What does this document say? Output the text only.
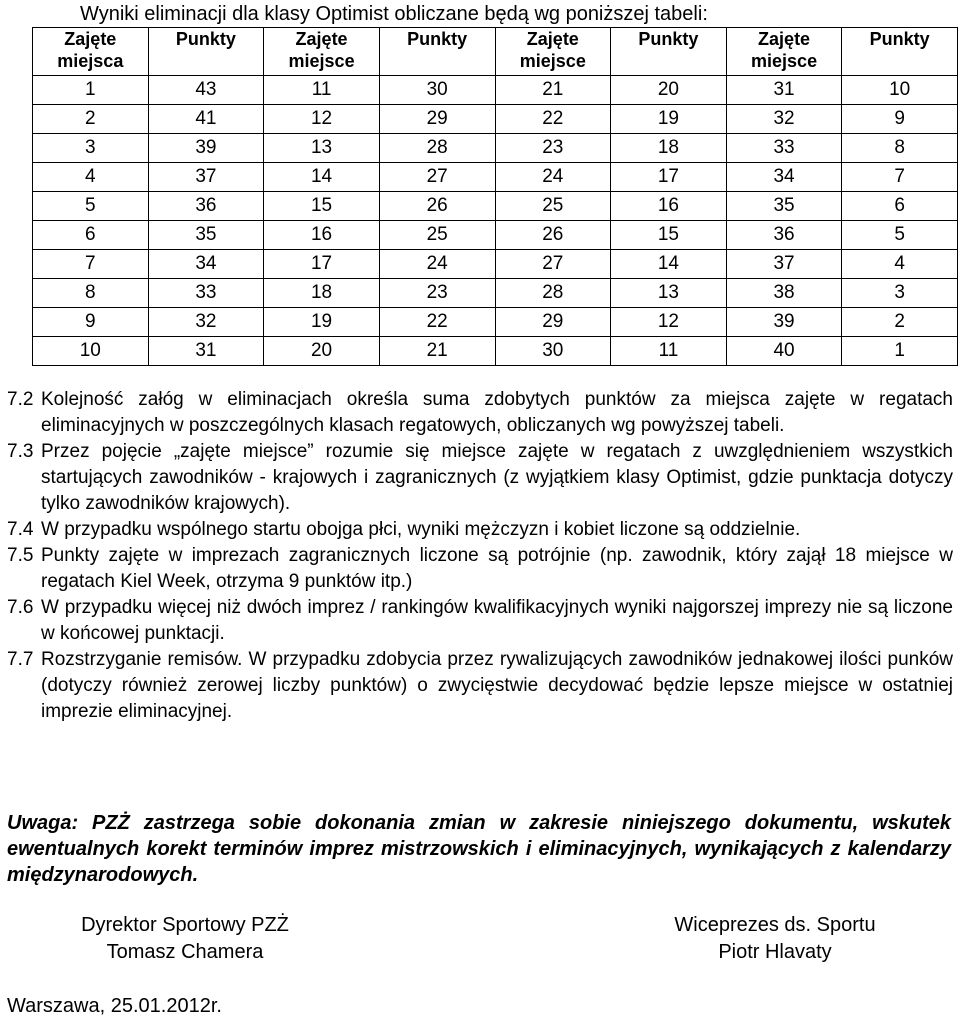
Wyniki eliminacji dla klasy Optimist obliczane będą wg poniższej tabeli:
Zajęte miejsca	Punkty	Zajęte miejsce	Punkty	Zajęte miejsce	Punkty	Zajęte miejsce	Punkty
1	43	11	30	21	20	31	10
2	41	12	29	22	19	32	9
3	39	13	28	23	18	33	8
4	37	14	27	24	17	34	7
5	36	15	26	25	16	35	6
6	35	16	25	26	15	36	5
7	34	17	24	27	14	37	4
8	33	18	23	28	13	38	3
9	32	19	22	29	12	39	2
10	31	20	21	30	11	40	1
7.2 Kolejność załóg w eliminacjach określa suma zdobytych punktów za miejsca zajęte w regatach eliminacyjnych w poszczególnych klasach regatowych, obliczanych wg powyższej tabeli.
7.3 Przez pojęcie „zajęte miejsce” rozumie się miejsce zajęte w regatach z uwzględnieniem wszystkich startujących zawodników - krajowych i zagranicznych (z wyjątkiem klasy Optimist, gdzie punktacja dotyczy tylko zawodników krajowych).
7.4 W przypadku wspólnego startu obojga płci, wyniki mężczyzn i kobiet liczone są oddzielnie.
7.5 Punkty zajęte w imprezach zagranicznych liczone są potrójnie (np. zawodnik, który zajął 18 miejsce w regatach Kiel Week, otrzyma 9 punktów itp.)
7.6 W przypadku więcej niż dwóch imprez / rankingów kwalifikacyjnych wyniki najgorszej imprezy nie są liczone w końcowej punktacji.
7.7 Rozstrzyganie remisów. W przypadku zdobycia przez rywalizujących zawodników jednakowej ilości punków (dotyczy również zerowej liczby punktów) o zwycięstwie decydować będzie lepsze miejsce w ostatniej imprezie eliminacyjnej.
Uwaga: PZŻ zastrzega sobie dokonania zmian w zakresie niniejszego dokumentu, wskutek ewentualnych korekt terminów imprez mistrzowskich i eliminacyjnych, wynikających z kalendarzy międzynarodowych.
Dyrektor Sportowy PZŻ
Tomasz Chamera
Wiceprezes ds. Sportu
Piotr Hlavaty
Warszawa, 25.01.2012r.
